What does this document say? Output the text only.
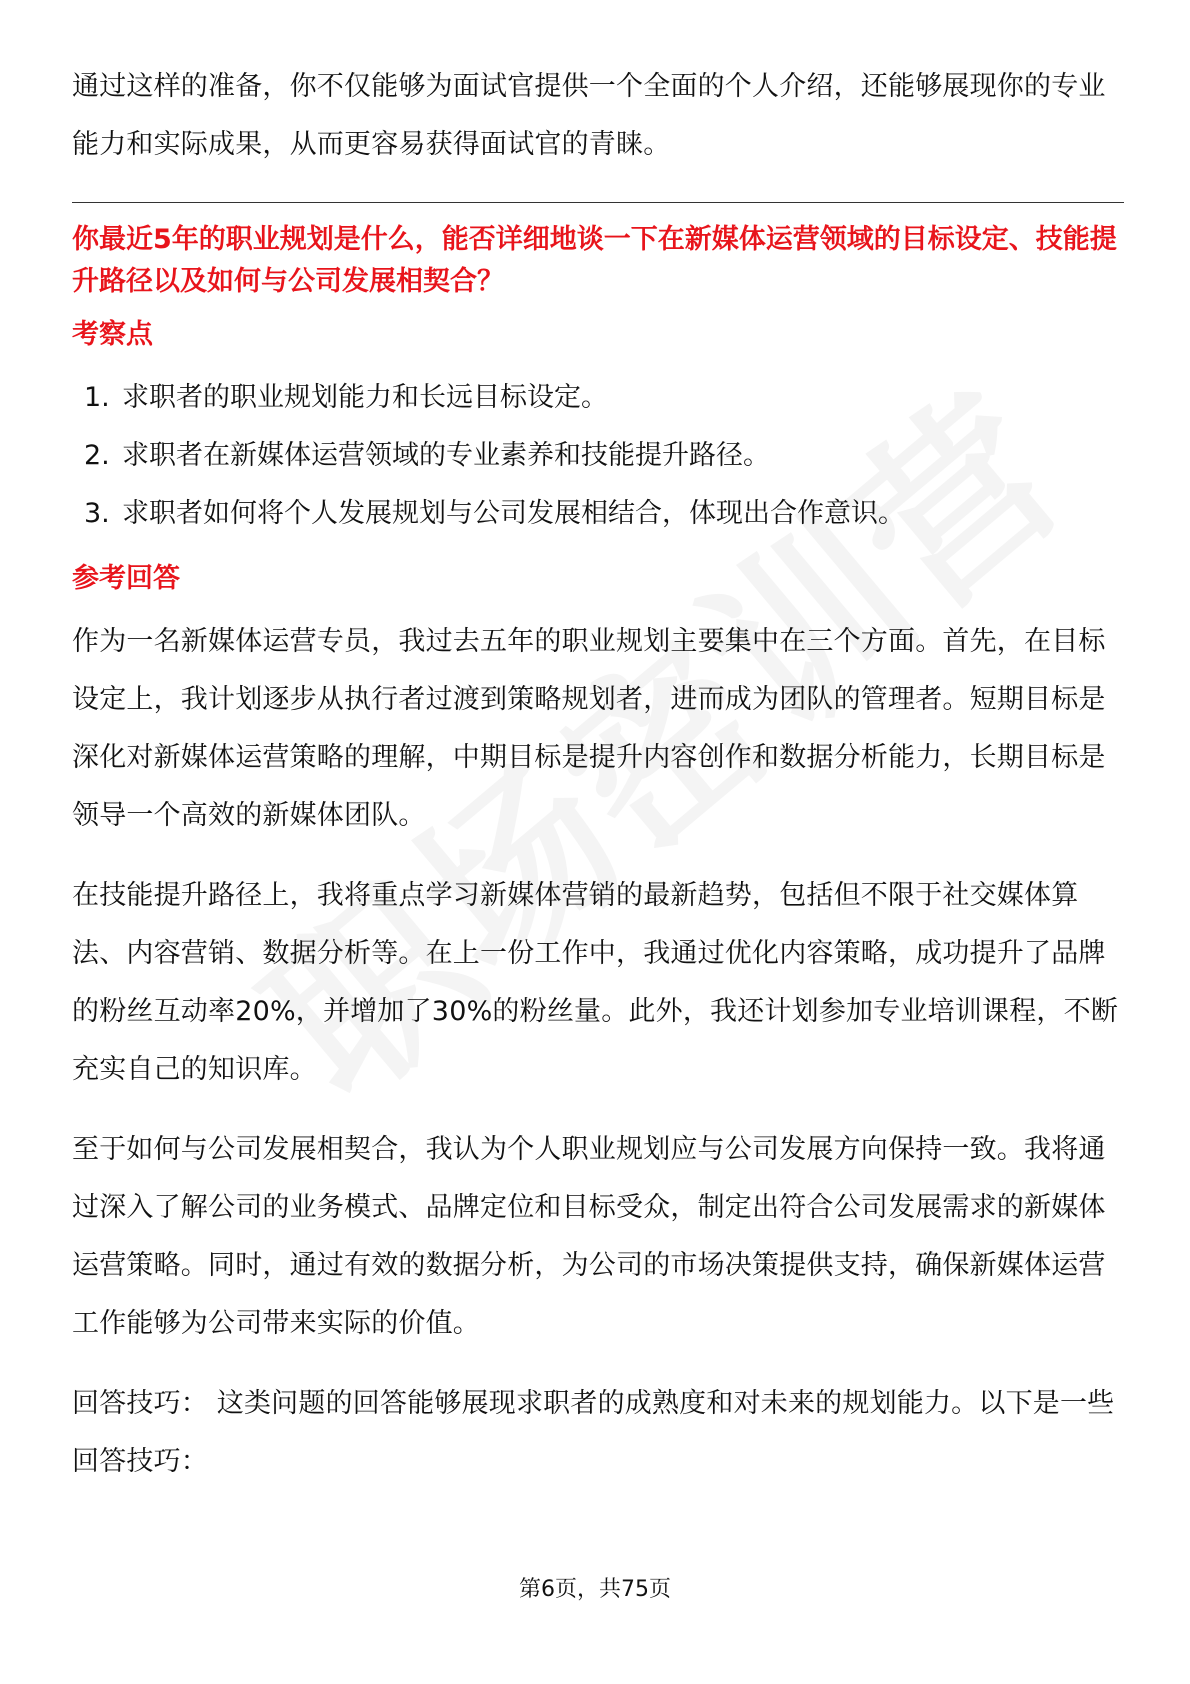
通过这样的准备，你不仅能够为面试官提供一个全面的个人介绍，还能够展现你的专业能力和实际成果，从而更容易获得面试官的青睐。

你最近5年的职业规划是什么，能否详细地谈一下在新媒体运营领域的目标设定、技能提升路径以及如何与公司发展相契合？

考察点
1. 求职者的职业规划能力和长远目标设定。
2. 求职者在新媒体运营领域的专业素养和技能提升路径。
3. 求职者如何将个人发展规划与公司发展相结合，体现出合作意识。
参考回答

作为一名新媒体运营专员，我过去五年的职业规划主要集中在三个方面。首先，在目标设定上，我计划逐步从执行者过渡到策略规划者，进而成为团队的管理者。短期目标是深化对新媒体运营策略的理解，中期目标是提升内容创作和数据分析能力，长期目标是领导一个高效的新媒体团队。

在技能提升路径上，我将重点学习新媒体营销的最新趋势，包括但不限于社交媒体算法、内容营销、数据分析等。在上一份工作中，我通过优化内容策略，成功提升了品牌的粉丝互动率20%，并增加了30%的粉丝量。此外，我还计划参加专业培训课程，不断充实自己的知识库。

至于如何与公司发展相契合，我认为个人职业规划应与公司发展方向保持一致。我将通过深入了解公司的业务模式、品牌定位和目标受众，制定出符合公司发展需求的新媒体运营策略。同时，通过有效的数据分析，为公司的市场决策提供支持，确保新媒体运营工作能够为公司带来实际的价值。

回答技巧： 这类问题的回答能够展现求职者的成熟度和对未来的规划能力。以下是一些回答技巧：

第6页，共75页
